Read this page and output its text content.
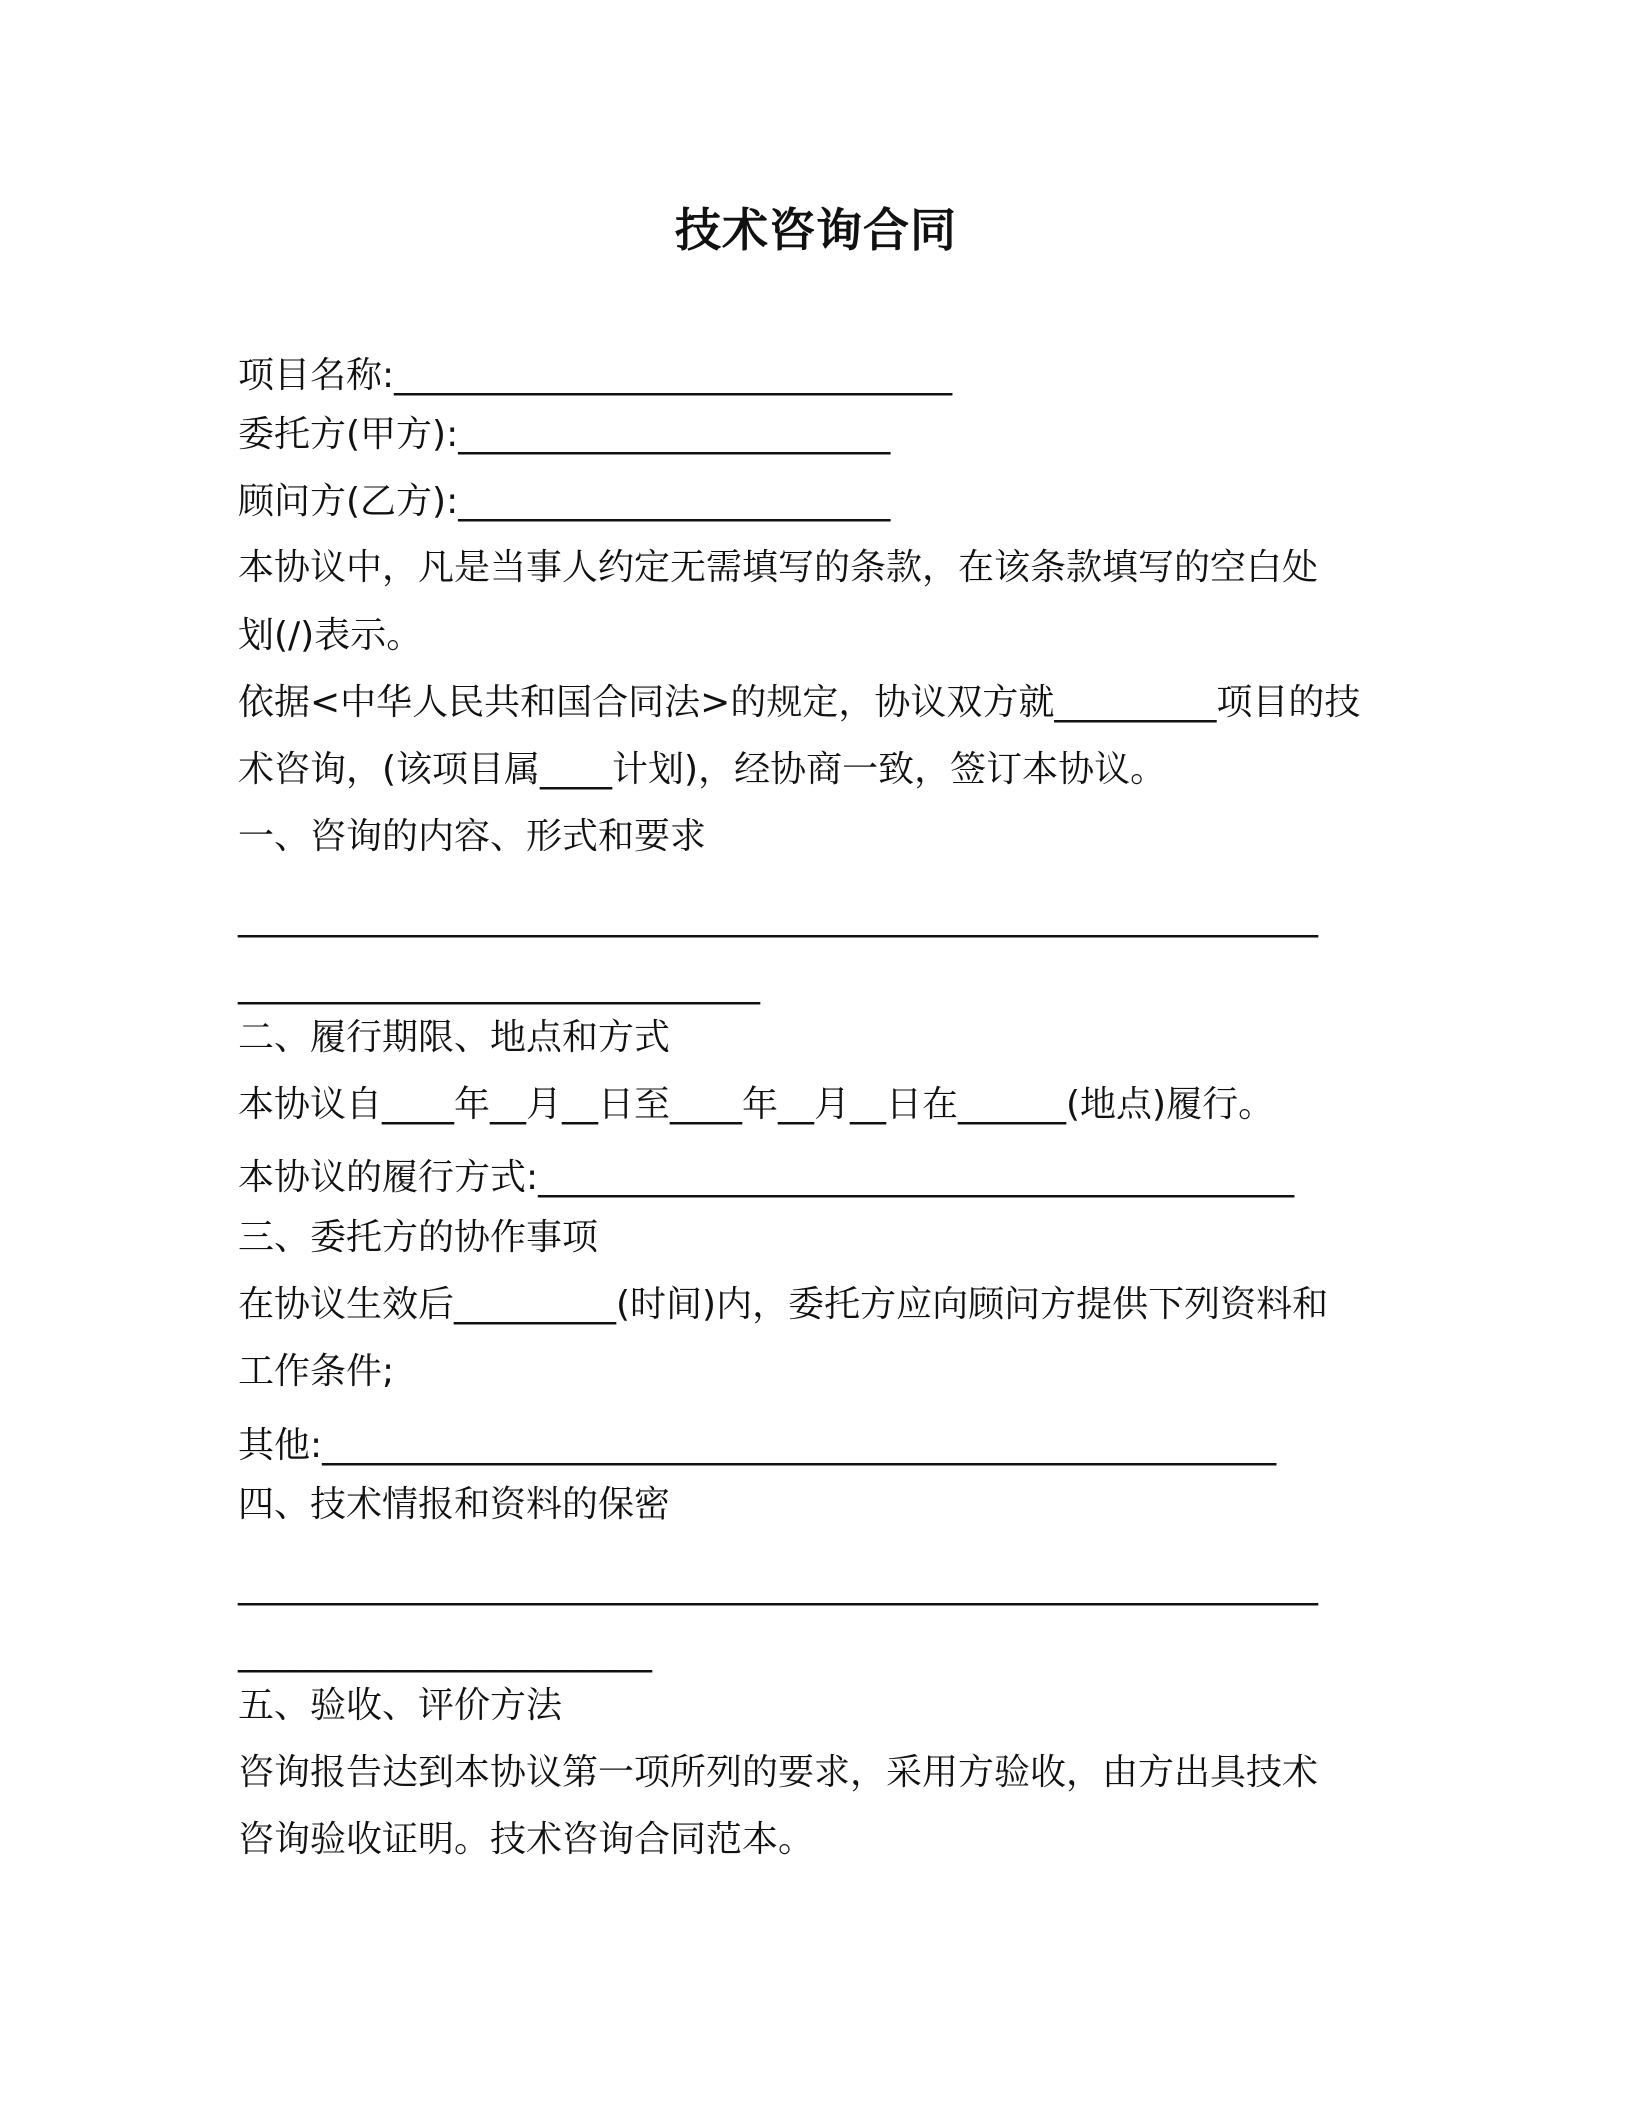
技术咨询合同

项目名称:_______________________________

委托方(甲方):________________________

顾问方(乙方):________________________

本协议中，凡是当事人约定无需填写的条款，在该条款填写的空白处

划(/)表示。

依据<中华人民共和国合同法>的规定，协议双方就_________项目的技

术咨询，(该项目属____计划)，经协商一致，签订本协议。

一、咨询的内容、形式和要求

____________________________________________________________

_____________________________

二、履行期限、地点和方式

本协议自____年__月__日至____年__月__日在______(地点)履行。

本协议的履行方式:__________________________________________

三、委托方的协作事项

在协议生效后_________(时间)内，委托方应向顾问方提供下列资料和

工作条件;

其他:_____________________________________________________

四、技术情报和资料的保密

____________________________________________________________

_______________________

五、验收、评价方法

咨询报告达到本协议第一项所列的要求，采用方验收，由方出具技术

咨询验收证明。技术咨询合同范本。
